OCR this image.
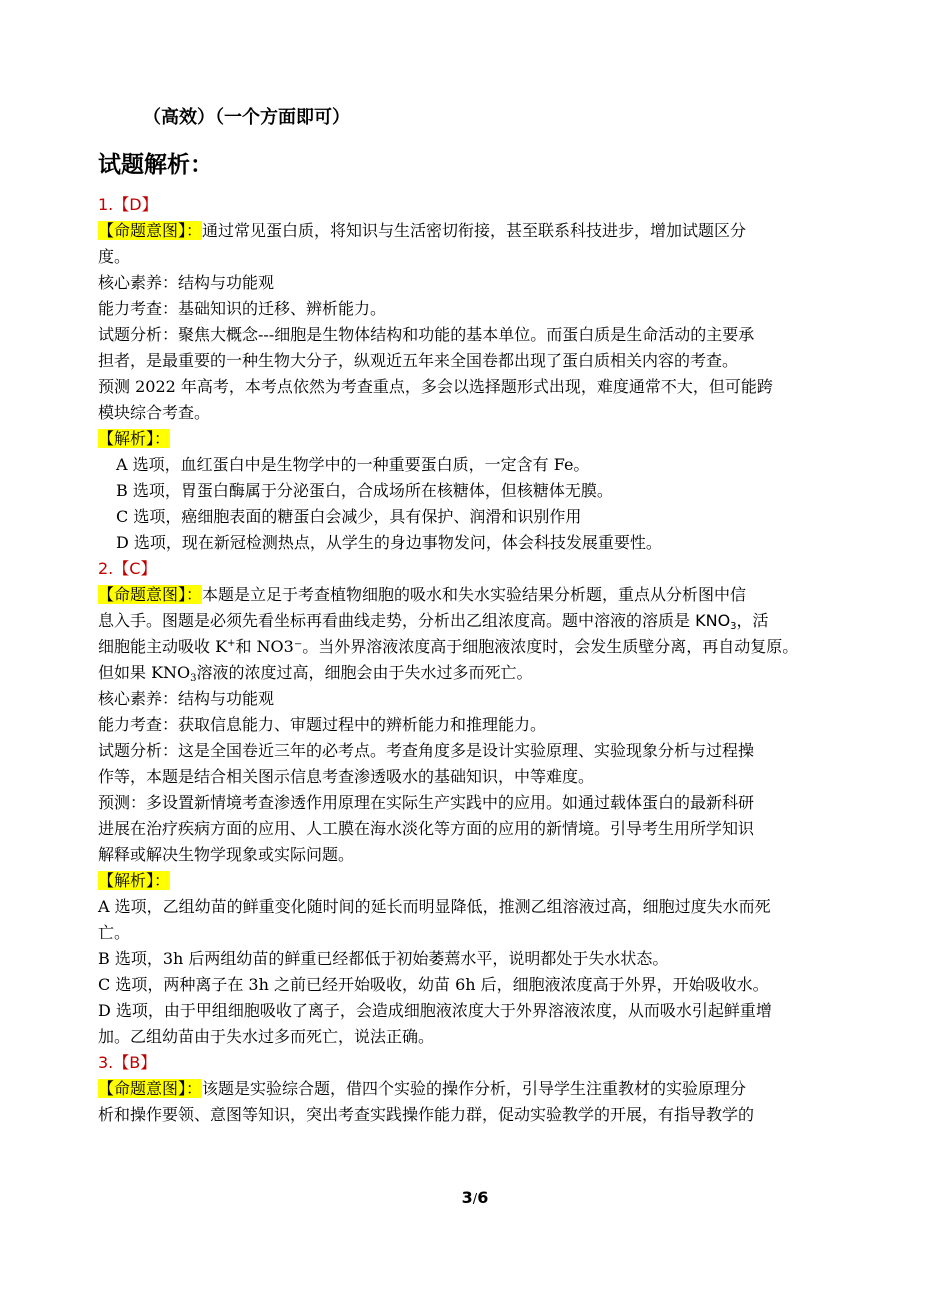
（高效）（一个方面即可）
试题解析：
1.【D】
【命题意图】：通过常见蛋白质，将知识与生活密切衔接，甚至联系科技进步，增加试题区分
度。
核心素养：结构与功能观
能力考查：基础知识的迁移、辨析能力。
试题分析：聚焦大概念---细胞是生物体结构和功能的基本单位。而蛋白质是生命活动的主要承
担者，是最重要的一种生物大分子，纵观近五年来全国卷都出现了蛋白质相关内容的考查。
预测 2022 年高考，本考点依然为考查重点，多会以选择题形式出现，难度通常不大，但可能跨
模块综合考查。
【解析】：
A 选项，血红蛋白中是生物学中的一种重要蛋白质，一定含有 Fe。
B 选项，胃蛋白酶属于分泌蛋白，合成场所在核糖体，但核糖体无膜。
C 选项，癌细胞表面的糖蛋白会减少，具有保护、润滑和识别作用
D 选项，现在新冠检测热点，从学生的身边事物发问，体会科技发展重要性。
2.【C】
【命题意图】：本题是立足于考查植物细胞的吸水和失水实验结果分析题，重点从分析图中信
息入手。图题是必须先看坐标再看曲线走势，分析出乙组浓度高。题中溶液的溶质是 $KNO_3$，活
细胞能主动吸收 K+和 NO3⁻。当外界溶液浓度高于细胞液浓度时，会发生质壁分离，再自动复原。
但如果 $KNO_3$溶液的浓度过高，细胞会由于失水过多而死亡。
核心素养：结构与功能观
能力考查：获取信息能力、审题过程中的辨析能力和推理能力。
试题分析：这是全国卷近三年的必考点。考查角度多是设计实验原理、实验现象分析与过程操
作等，本题是结合相关图示信息考查渗透吸水的基础知识，中等难度。
预测：多设置新情境考查渗透作用原理在实际生产实践中的应用。如通过载体蛋白的最新科研
进展在治疗疾病方面的应用、人工膜在海水淡化等方面的应用的新情境。引导考生用所学知识
解释或解决生物学现象或实际问题。
【解析】：
A 选项，乙组幼苗的鲜重变化随时间的延长而明显降低，推测乙组溶液过高，细胞过度失水而死
亡。
B 选项，3h 后两组幼苗的鲜重已经都低于初始萎蔫水平，说明都处于失水状态。
C 选项，两种离子在 3h 之前已经开始吸收，幼苗 6h 后，细胞液浓度高于外界，开始吸收水。
D 选项，由于甲组细胞吸收了离子，会造成细胞液浓度大于外界溶液浓度，从而吸水引起鲜重增
加。乙组幼苗由于失水过多而死亡，说法正确。
3.【B】
【命题意图】：该题是实验综合题，借四个实验的操作分析，引导学生注重教材的实验原理分
析和操作要领、意图等知识，突出考查实践操作能力群，促动实验教学的开展，有指导教学的
3/6
